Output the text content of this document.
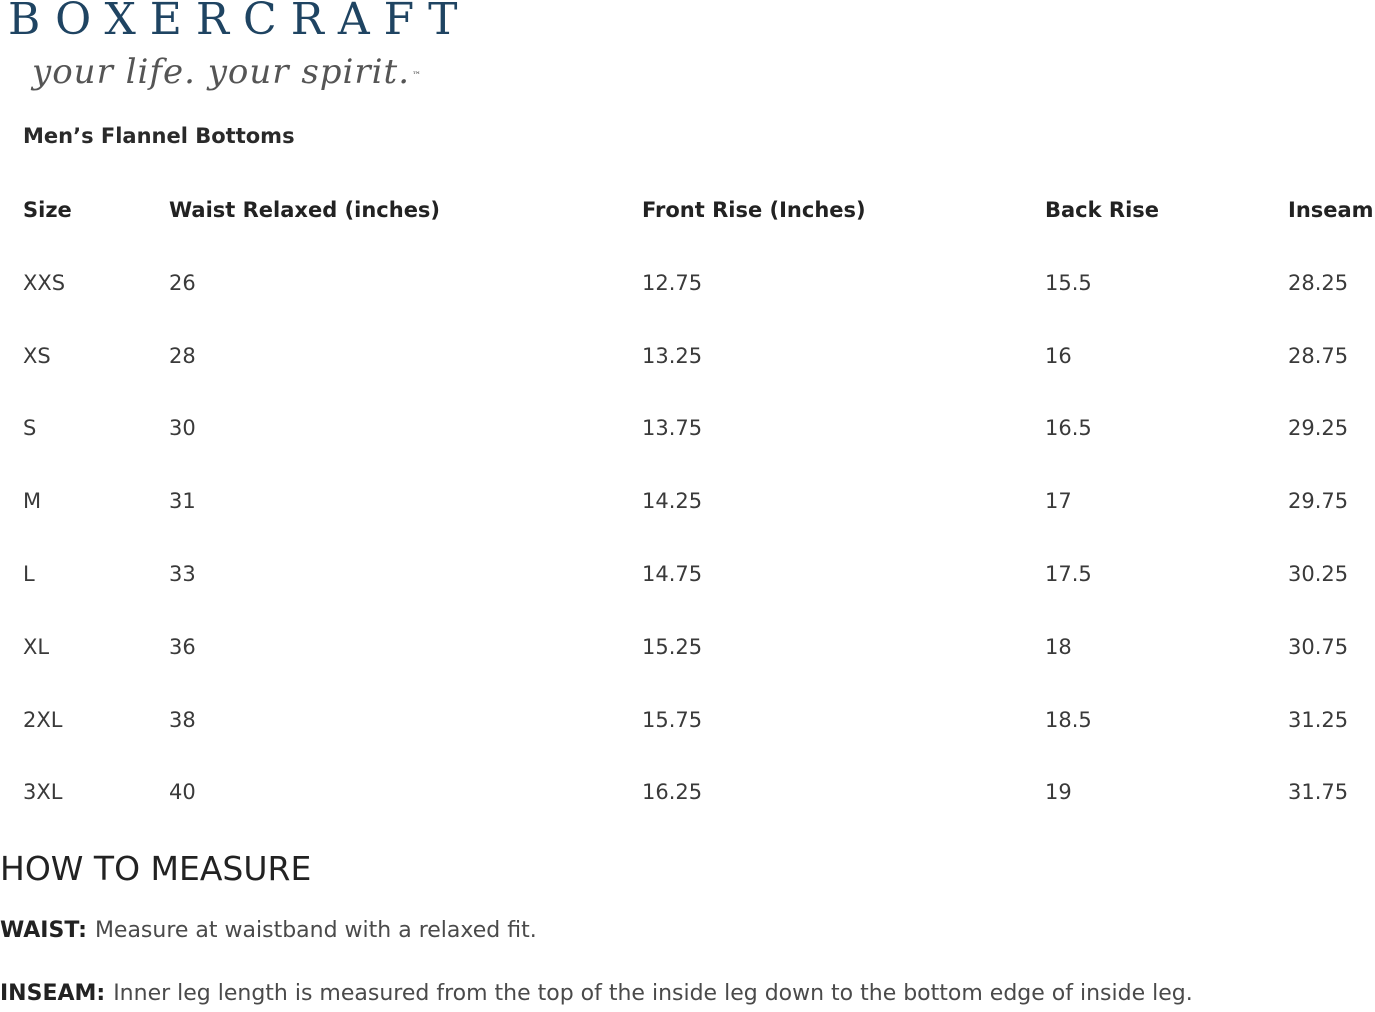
BOXERCRAFT
your life. your spirit. ™
Men’s Flannel Bottoms
Size	Waist Relaxed (inches)	Front Rise (Inches)	Back Rise	Inseam
XXS	26	12.75	15.5	28.25
XS	28	13.25	16	28.75
S	30	13.75	16.5	29.25
M	31	14.25	17	29.75
L	33	14.75	17.5	30.25
XL	36	15.25	18	30.75
2XL	38	15.75	18.5	31.25
3XL	40	16.25	19	31.75
HOW TO MEASURE
WAIST: Measure at waistband with a relaxed fit.
INSEAM: Inner leg length is measured from the top of the inside leg down to the bottom edge of inside leg.
